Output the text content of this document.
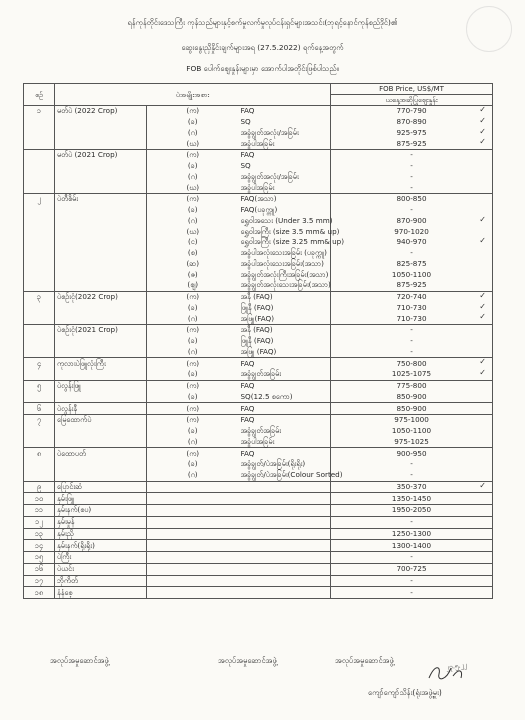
ရန်ကုန်တိုင်းဒေသကြီး ကုန်သည်များနှင့်စက်မှုလက်မှုလုပ်ငန်းရှင်များအသင်း(ဘုရင့်နောင်ကုန်စည်ဒိုင်)၏
ဆွေးနွေးညှိနှိုင်းချက်များအရ (27.5.2022) ရက်နေ့အတွက်
FOB ပေါက်ဈေးနှုန်းများမှာ အောက်ပါအတိုင်းဖြစ်ပါသည်။
စဉ်	ပဲအမျိုးအစား			FOB Price, US$/MT
				ယနေ့အဆိုပြုဈေးနှုန်း
၁	မတ်ပဲ (2022 Crop)	(က)	FAQ	770-790 ✓

		(ခ)	SQ	870-890 ✓

		(ဂ)	အခွံချွတ်အလုံး/အခြမ်း	925-975 ✓

		(ဃ)	အခွံပါအခြမ်း	875-925 ✓

	မတ်ပဲ (2021 Crop)	(က)	FAQ	-
		(ခ)	SQ	-
		(ဂ)	အခွံချွတ်အလုံး/အခြမ်း	-
		(ဃ)	အခွံပါအခြမ်း	-
၂	ပဲတီစိမ်း	(က)	FAQ(အသာ)	800-850
		(ခ)	FAQ(ပခုက္ကူ)	-
		(ဂ)	ရွှေဝါအသေး (Under 3.5 mm)	870-900 ✓

		(ဃ)	ရွှေဝါအကြီး (size 3.5 mm& up)	970-1020
		(င)	ရွှေဝါအကြီး (size 3.25 mm& up)	940-970 ✓

		(စ)	အခွံပါအလုံးသေးအခြမ်း (ပခုက္ကူ)	-
		(ဆ)	အခွံပါအလုံးသေးအခြမ်း(အသာ)	825-875
		(ဇ)	အခွံချွတ်အလုံးကြီးအခြမ်း(အသာ)	1050-1100
		(ဈ)	အခွံချွတ်အလုံးသေးအခြမ်း(အသာ)	875-925
၃	ပဲစဉ်းငုံ(2022 Crop)	(က)	အနီ (FAQ)	720-740 ✓

		(ခ)	ဖြူနီ (FAQ)	710-730 ✓

		(ဂ)	အဖြူ(FAQ)	710-730 ✓

	ပဲစဉ်းငုံ(2021 Crop)	(က)	အနီ (FAQ)	-
		(ခ)	ဖြူနီ (FAQ)	-
		(ဂ)	အဖြူ (FAQ)	-
၄	ကုလားပဲဖြူလုံးကြီး	(က)	FAQ	750-800 ✓

		(ခ)	အခွံချွတ်အခြမ်း	1025-1075 ✓

၅	ပဲလွန်းဖြူ	(က)	FAQ	775-800
		(ခ)	SQ(12.5 စကော)	850-900
၆	ပဲလွန်းနီ	(က)	FAQ	850-900
၇	မြေထောက်ပဲ	(က)	FAQ	975-1000
		(ခ)	အခွံချွတ်အခြမ်း	1050-1100
		(ဂ)	အခွံပါအခြမ်း	975-1025
၈	ပဲထောပတ်	(က)	FAQ	900-950
		(ခ)	အခွံချွတ်/ပဲအခြမ်း(ရိုးရိုး)	-
		(ဂ)	အခွံချွတ်/ပဲအခြမ်း(Colour Sorted)	-
၉	ပြောင်းဆံ			350-370 ✓

၁၀	နှမ်းဖြူ			1350-1450
၁၁	နှမ်းနက်(စပ)			1950-2050
၁၂	နှမ်းမှုန်			-
၁၃	နှမ်းညို			1250-1300
၁၄	နှမ်းနက်(ရိုးရိုး)			1300-1400
၁၅	ပဲကြီး			-
၁၆	ပဲယင်း			700-725
၁၇	ဘိုကိတ်			-
၁၈	နံနံစေ့			-
အလုပ်အမှုဆောင်အဖွဲ့	အလုပ်အမှုဆောင်အဖွဲ့	အလုပ်အမှုဆောင်အဖွဲ့
၂၇.၅.၂၂
ကျော်ကျော်သိန်း(ရုံးအဖွဲ့မှူး)
